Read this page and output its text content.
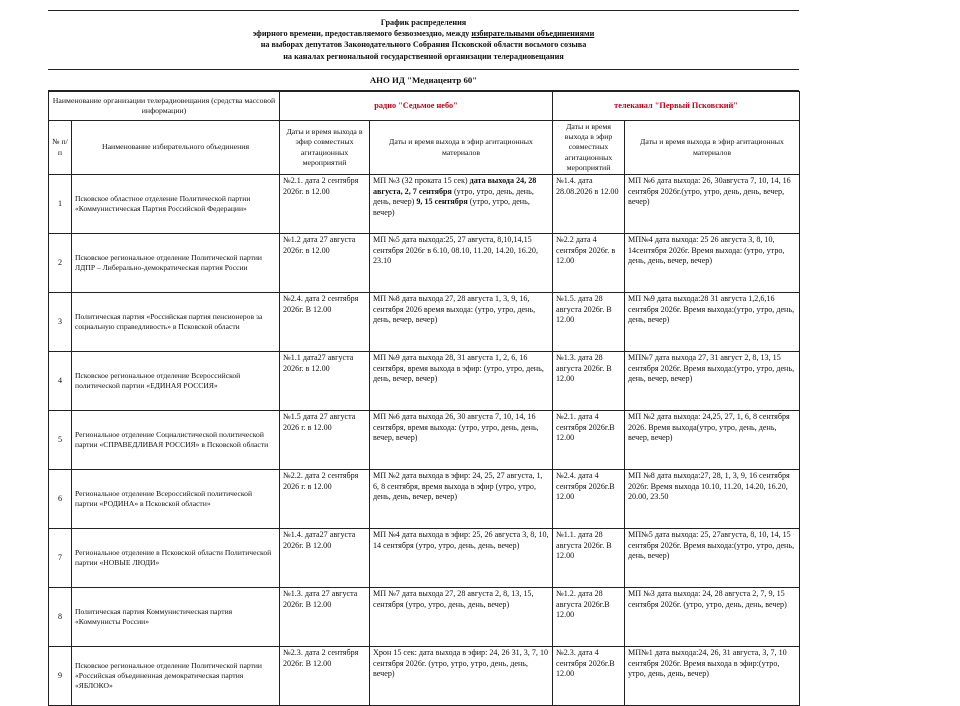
График распределения
эфирного времени, предоставляемого безвозмездно, между избирательными объединениями
на выборах депутатов Законодательного Собрания Псковской области восьмого созыва
на каналах региональной государственной организации телерадиовещания
АНО ИД "Медиацентр 60"
Наименование организации телерадиовещания (средства массовой информации)		радио "Седьмое небо"		телеканал "Первый Псковский"	
№ п/п	Наименование избирательного объединения	Даты и время выхода в эфир совместных агитационных мероприятий	Даты и время выхода в эфир агитационных материалов	Даты и время выхода в эфир совместных агитационных мероприятий	Даты и время выхода в эфир агитационных материалов
1	Псковское областное отделение Политической партии «Коммунистическая Партия Российской Федерации»	№2.1. дата 2 сентября 2026г. в 12.00	МП №3 (32 проката 15 сек) дата выхода 24, 28 августа, 2, 7 сентября (утро, утро, день, день, день, вечер) 9, 15 сентября (утро, утро, день, вечер)	№1.4. дата 28.08.2026 в 12.00	МП №6 дата выхода: 26, 30августа 7, 10, 14, 16 сентября 2026г.(утро, утро, день, день, вечер, вечер)
2	Псковское региональное отделение Политической партии ЛДПР – Либерально-демократическая партия России	№1.2 дата 27 августа 2026г. в 12.00	МП №5 дата выхода:25, 27 августа, 8,10,14,15 сентября 2026г в 6.10, 08.10, 11.20, 14.20, 16.20, 23.10	№2.2 дата 4 сентября 2026г. в 12.00	МП№4 дата выхода: 25 26 августа 3, 8, 10, 14сентября 2026г. Время выхода: (утро, утро, день, день, вечер, вечер)
3	Политическая партия «Российская партия пенсионеров за социальную справедливость» в Псковской области	№2.4. дата 2 сентября 2026г. В 12.00	МП №8 дата выхода 27, 28 августа 1, 3, 9, 16, сентября 2026 время выхода: (утро, утро, день, день, вечер, вечер)	№1.5. дата 28 августа 2026г. В 12.00	МП №9 дата выхода:28 31 августа 1,2,6,16 сентября 2026г. Время выхода:(утро, утро, день, день, вечер)
4	Псковское региональное отделение Всероссийской политической партии «ЕДИНАЯ РОССИЯ»	№1.1 дата27 августа 2026г. в 12.00	МП №9 дата выхода 28, 31 августа 1, 2, 6, 16 сентября, время выхода в эфир: (утро, утро, день, день, вечер, вечер)	№1.3. дата 28 августа 2026г. В 12.00	МП№7 дата выхода 27, 31 август 2, 8, 13, 15 сентября 2026г. Время выхода:(утро, утро, день, день, вечер, вечер)
5	Региональное отделение Социалистической политической партии «СПРАВЕДЛИВАЯ РОССИЯ» в Псковской области	№1.5 дата 27 августа 2026 г. в 12.00	МП №6 дата выхода 26, 30 августа 7, 10, 14, 16 сентября, время выхода: (утро, утро, день, день, вечер, вечер)	№2.1. дата 4 сентября 2026г.В 12.00	МП №2 дата выхода: 24,25, 27, 1, 6, 8 сентября 2026. Время выхода(утро, утро, день, день, вечер, вечер)
6	Региональное отделение Всероссийской политической партии «РОДИНА» в Псковской области»	№2.2. дата 2 сентября 2026 г. в 12.00	МП №2 дата выхода в эфир: 24, 25, 27 августа, 1, 6, 8 сентября, время выхода в эфир (утро, утро, день, день, вечер, вечер)	№2.4. дата 4 сентября 2026г.В 12.00	МП №8 дата выхода:27, 28, 1, 3, 9, 16 сентября 2026г. Время выхода 10.10, 11.20, 14.20, 16.20, 20.00, 23.50
7	Региональное отделение в Псковской области Политической партии «НОВЫЕ ЛЮДИ»	№1.4. дата27 августа 2026г. В 12.00	МП №4 дата выхода в эфир: 25, 26 августа 3, 8, 10, 14 сентября (утро, утро, день, день, вечер)	№1.1. дата 28 августа 2026г. В 12.00	МП№5 дата выхода: 25, 27августа, 8, 10, 14, 15 сентября 2026г. Время выхода:(утро, утро, день, день, вечер)
8	Политическая партия Коммунистическая партия «Коммунисты России»	№1.3. дата 27 августа 2026г. В 12.00	МП №7 дата выхода 27, 28 августа 2, 8, 13, 15, сентября (утро, утро, день, день, вечер)	№1.2. дата 28 августа 2026г.В 12.00	МП №3 дата выхода: 24, 28 августа 2, 7, 9, 15 сентября 2026г. (утро, утро, день, день, вечер)
9	Псковское региональное отделение Политической партии «Российская объединенная демократическая партия «ЯБЛОКО»	№2.3. дата 2 сентября 2026г. В 12.00	Хрон 15 сек: дата выхода в эфир: 24, 26 31, 3, 7, 10 сентября 2026г. (утро, утро, утро, день, день, вечер)	№2.3. дата 4 сентября 2026г.В 12.00	МП№1 дата выхода:24, 26, 31 августа, 3, 7, 10 сентября 2026г. Время выхода в эфир:(утро, утро, день, день, вечер)
